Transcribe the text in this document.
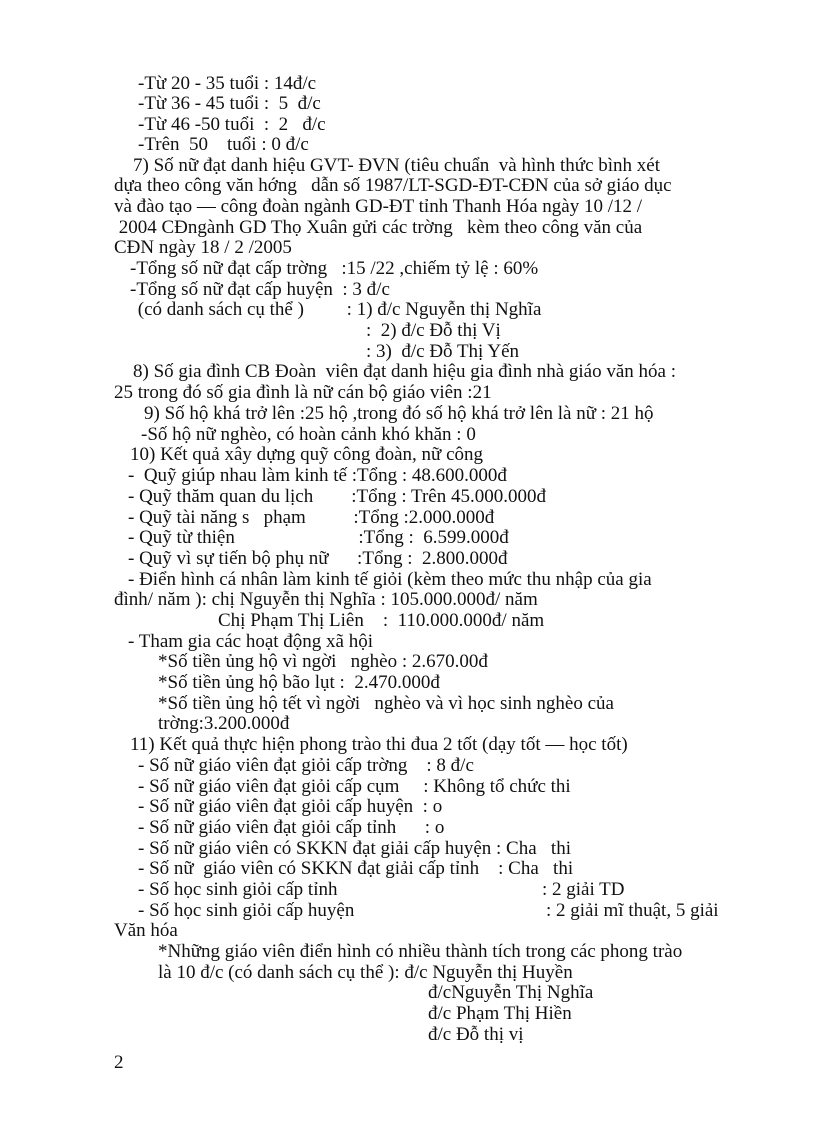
-Từ 20 - 35 tuổi : 14đ/c
-Từ 36 - 45 tuổi :  5  đ/c
-Từ 46 -50 tuổi  :  2   đ/c
-Trên  50    tuổi : 0 đ/c
7) Số nữ đạt danh hiệu GVT- ĐVN (tiêu chuẩn  và hình thức bình xét
dựa theo công văn hớng   dẫn số 1987/LT-SGD-ĐT-CĐN của sở giáo dục
và đào tạo — công đoàn ngành GD-ĐT tỉnh Thanh Hóa ngày 10 /12 /
2004 CĐngành GD Thọ Xuân gửi các trờng   kèm theo công văn của
CĐN ngày 18 / 2 /2005
-Tổng số nữ đạt cấp trờng   :15 /22 ,chiếm tỷ lệ : 60%
-Tổng số nữ đạt cấp huyện  : 3 đ/c
(có danh sách cụ thể )         : 1) đ/c Nguyễn thị Nghĩa
:  2) đ/c Đỗ thị Vị
: 3)  đ/c Đỗ Thị Yến
8) Số gia đình CB Đoàn  viên đạt danh hiệu gia đình nhà giáo văn hóa :
25 trong đó số gia đình là nữ cán bộ giáo viên :21
9) Số hộ khá trở lên :25 hộ ,trong đó số hộ khá trở lên là nữ : 21 hộ
-Số hộ nữ nghèo, có hoàn cảnh khó khăn : 0
10) Kết quả xây dựng quỹ công đoàn, nữ công
-  Quỹ giúp nhau làm kinh tế :Tổng : 48.600.000đ
- Quỹ thăm quan du lịch        :Tổng : Trên 45.000.000đ
- Quỹ tài năng s   phạm          :Tổng :2.000.000đ
- Quỹ từ thiện                          :Tổng :  6.599.000đ
- Quỹ vì sự tiến bộ phụ nữ      :Tổng :  2.800.000đ
- Điển hình cá nhân làm kinh tế giỏi (kèm theo mức thu nhập của gia
đình/ năm ): chị Nguyễn thị Nghĩa : 105.000.000đ/ năm
Chị Phạm Thị Liên    :  110.000.000đ/ năm
- Tham gia các hoạt động xã hội
*Số tiền ủng hộ vì ngời   nghèo : 2.670.00đ
*Số tiền ủng hộ bão lụt :  2.470.000đ
*Số tiền ủng hộ tết vì ngời   nghèo và vì học sinh nghèo của
trờng:3.200.000đ
11) Kết quả thực hiện phong trào thi đua 2 tốt (dạy tốt — học tốt)
- Số nữ giáo viên đạt giỏi cấp trờng    : 8 đ/c
- Số nữ giáo viên đạt giỏi cấp cụm     : Không tổ chức thi
- Số nữ giáo viên đạt giỏi cấp huyện  : o
- Số nữ giáo viên đạt giỏi cấp tỉnh      : o
- Số nữ giáo viên có SKKN đạt giải cấp huyện : Cha   thi
- Số nữ  giáo viên có SKKN đạt giải cấp tỉnh    : Cha   thi
- Số học sinh giỏi cấp tỉnh	: 2 giải TD
- Số học sinh giỏi cấp huyện	: 2 giải mĩ thuật, 5 giải
Văn hóa
*Những giáo viên điển hình có nhiều thành tích trong các phong trào
là 10 đ/c (có danh sách cụ thể ): đ/c Nguyễn thị Huyền
đ/cNguyễn Thị Nghĩa
đ/c Phạm Thị Hiền
đ/c Đỗ thị vị
2
